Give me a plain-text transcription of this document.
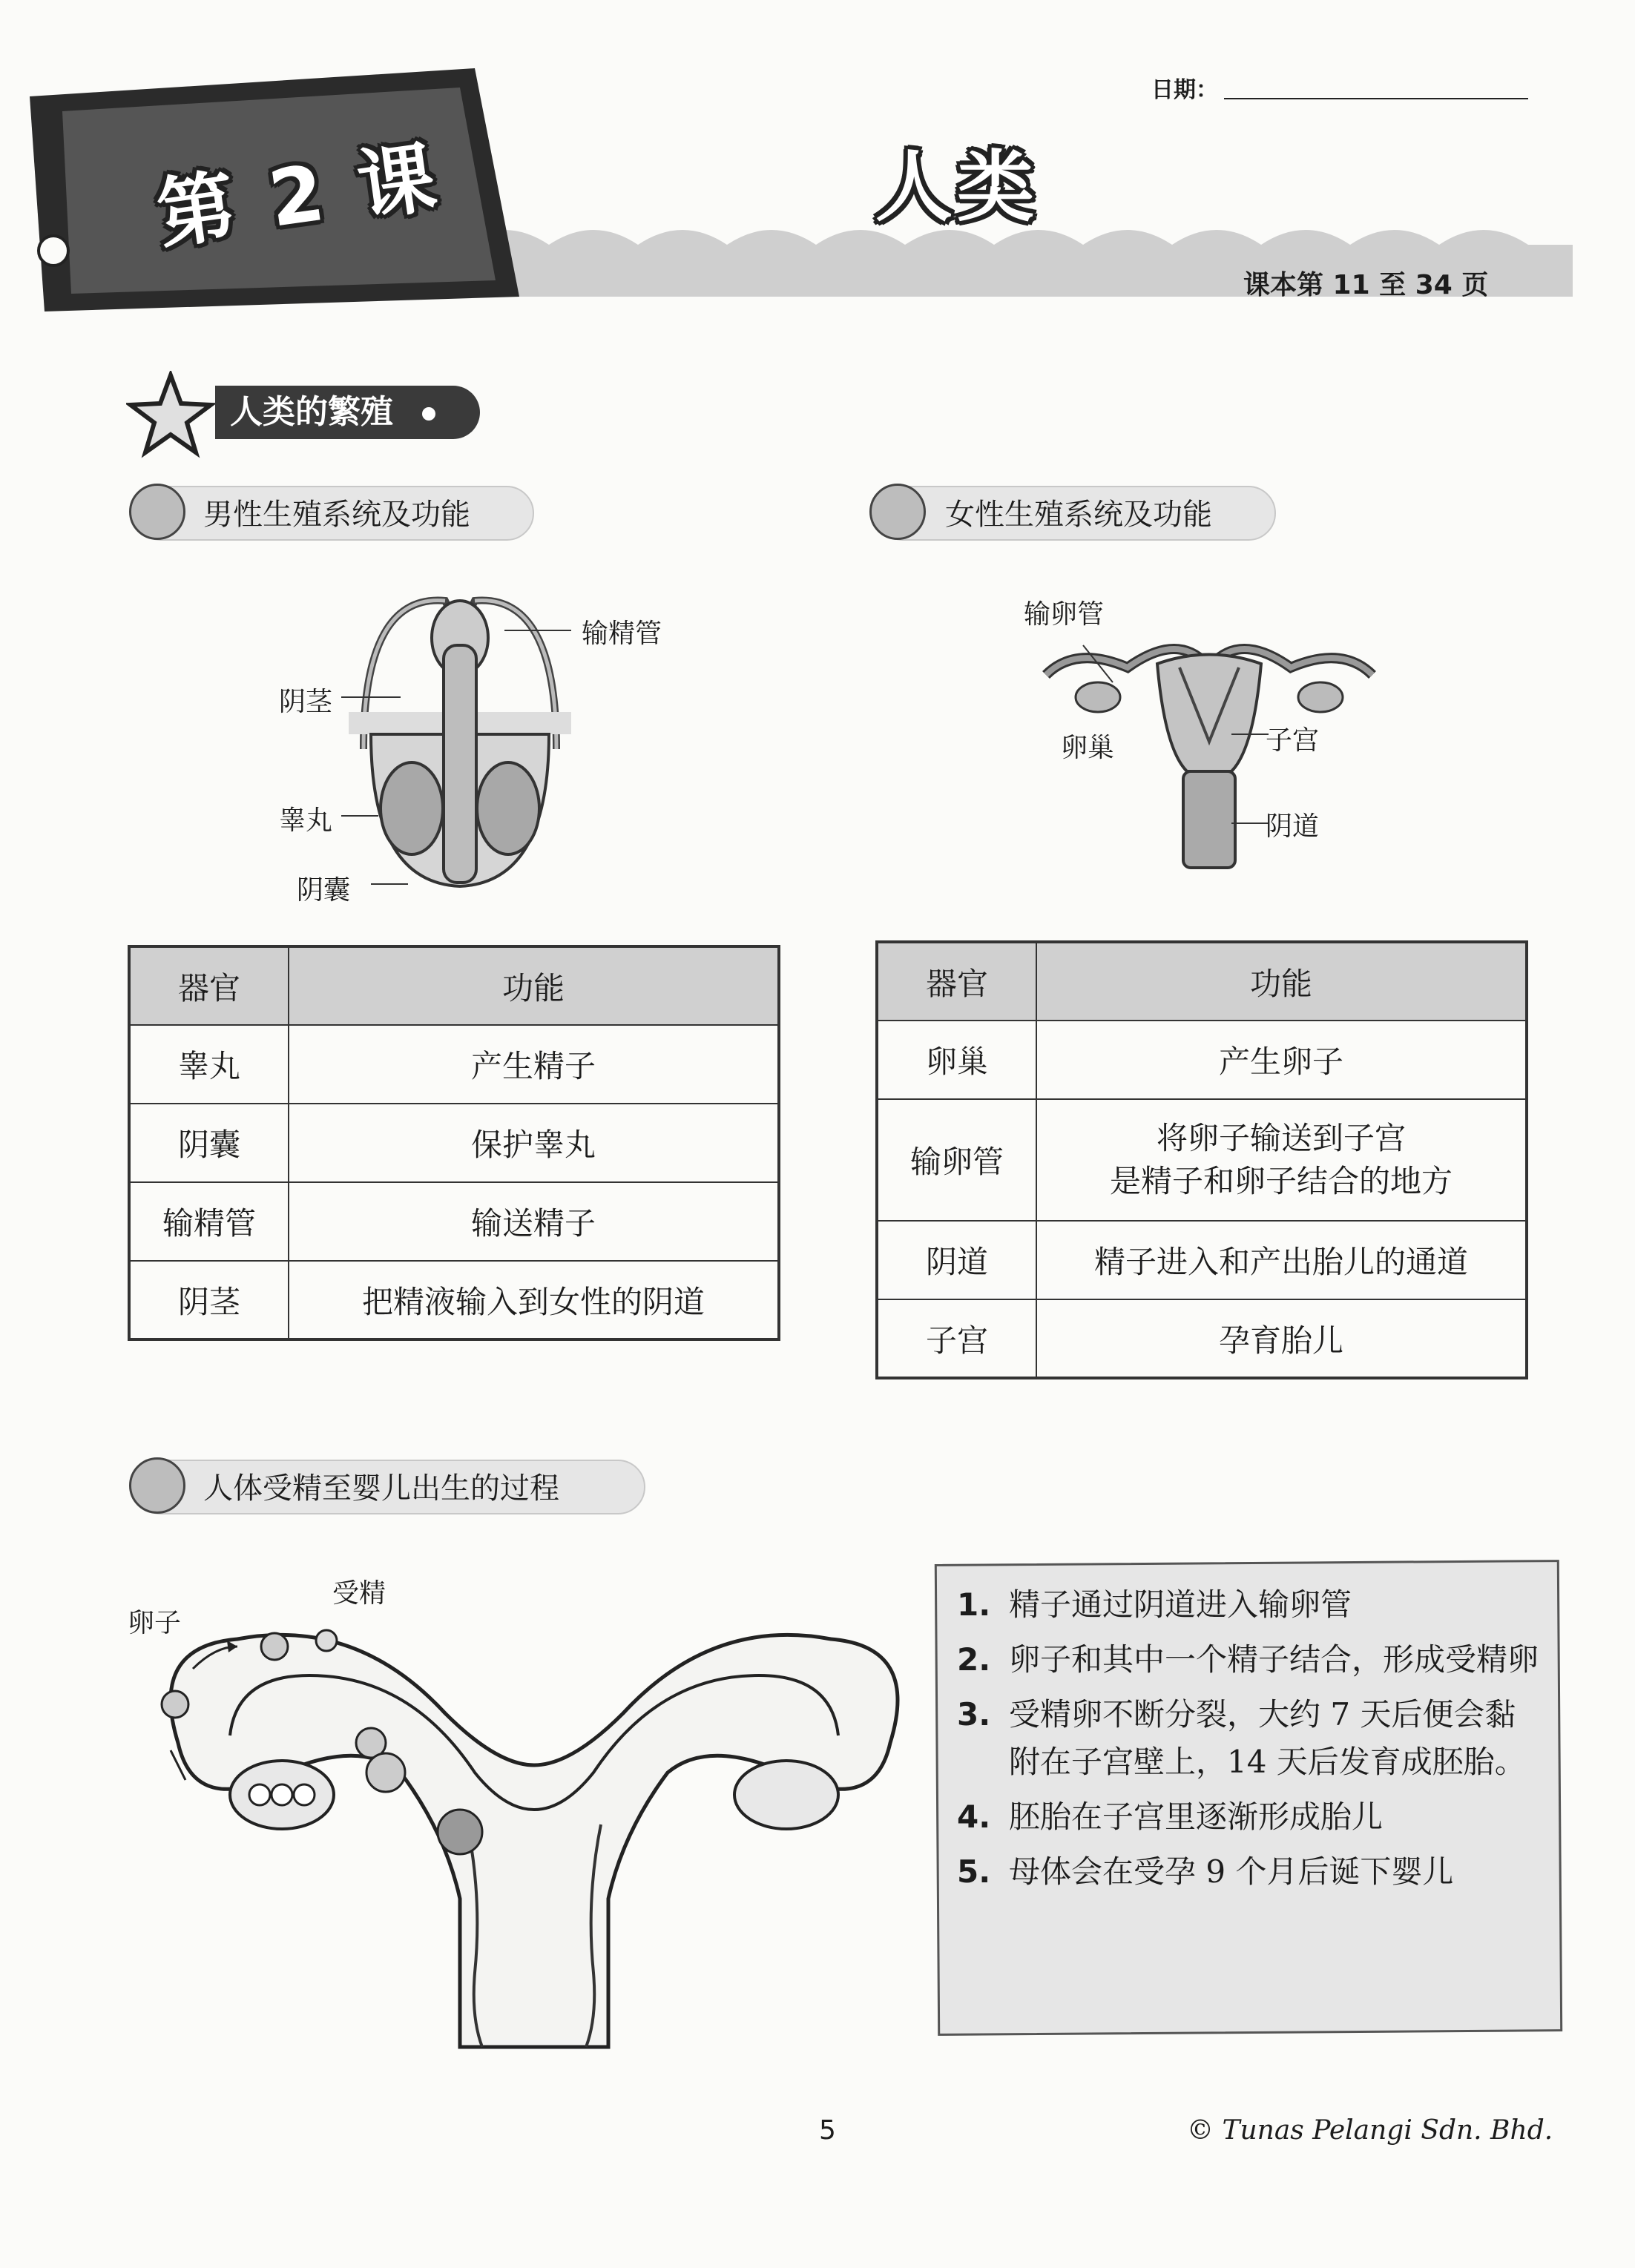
第 2 课	人类
日期：
课本第 11 至 34 页
人类的繁殖
男性生殖系统及功能
输精管
阴茎
睾丸
阴囊
器官	功能
睾丸	产生精子
阴囊	保护睾丸
输精管	输送精子
阴茎	把精液输入到女性的阴道
女性生殖系统及功能
输卵管
卵巢	子宫
阴道
器官	功能
卵巢	产生卵子
输卵管	将卵子输送到子宫
是精子和卵子结合的地方

阴道	精子进入和产出胎儿的通道
子宫	孕育胎儿
人体受精至婴儿出生的过程
卵子
受精	1. 精子通过阴道进入输卵管
2. 卵子和其中一个精子结合，形成受精卵
3. 受精卵不断分裂，大约 7 天后便会黏附在子宫壁上，14 天后发育成胚胎。
4. 胚胎在子宫里逐渐形成胎儿
5. 母体会在受孕 9 个月后诞下婴儿
5	© Tunas Pelangi Sdn. Bhd.
